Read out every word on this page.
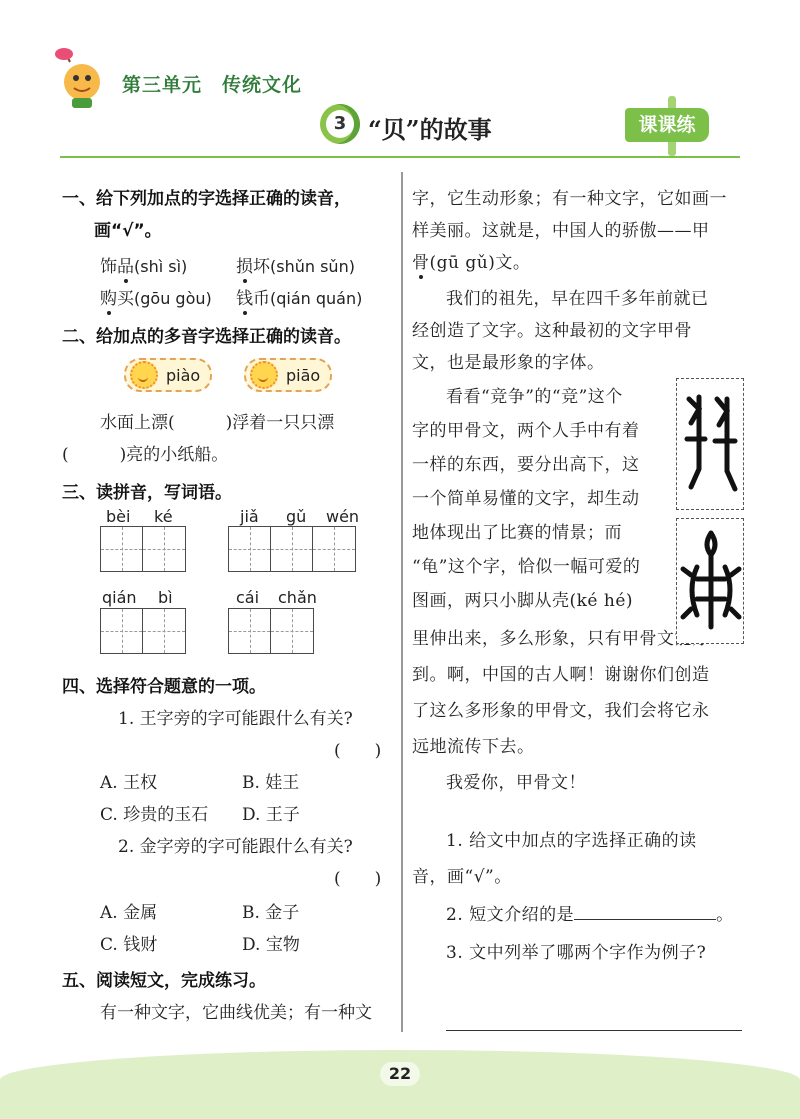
第三单元　传统文化
3 “贝”的故事	课课练
一、给下列加点的字选择正确的读音，
画“√”。
饰品(shì sì)	损坏(shǔn sǔn)
购买(gōu gòu) 钱币(qián quán)
二、给加点的多音字选择正确的读音。
piào	piāo
水面上漂(　　　)浮着一只只漂
(　　　)亮的小纸船。
三、读拼音，写词语。
bèi ké	jiǎ gǔ wén
qián bì	cái chǎn
四、选择符合题意的一项。
1. 王字旁的字可能跟什么有关?
(　　)
A. 王权	B. 娃王
C. 珍贵的玉石 D. 王子
2. 金字旁的字可能跟什么有关?
(　　)
A. 金属	B. 金子
C. 钱财	D. 宝物
五、阅读短文，完成练习。
有一种文字，它曲线优美；有一种文
字，它生动形象；有一种文字，它如画一
样美丽。这就是，中国人的骄傲——甲
骨(gū gǔ)文。
我们的祖先，早在四千多年前就已
经创造了文字。这种最初的文字甲骨
文，也是最形象的字体。
看看“竞争”的“竞”这个
字的甲骨文，两个人手中有着
一样的东西，要分出高下，这
一个简单易懂的文字，却生动
地体现出了比赛的情景；而
“龟”这个字，恰似一幅可爱的
图画，两只小脚从壳(ké hé)
里伸出来，多么形象，只有甲骨文能办
到。啊，中国的古人啊！谢谢你们创造
了这么多形象的甲骨文，我们会将它永
远地流传下去。
我爱你，甲骨文！
1. 给文中加点的字选择正确的读
音，画“√”。
2. 短文介绍的是	。
3. 文中列举了哪两个字作为例子?
22
